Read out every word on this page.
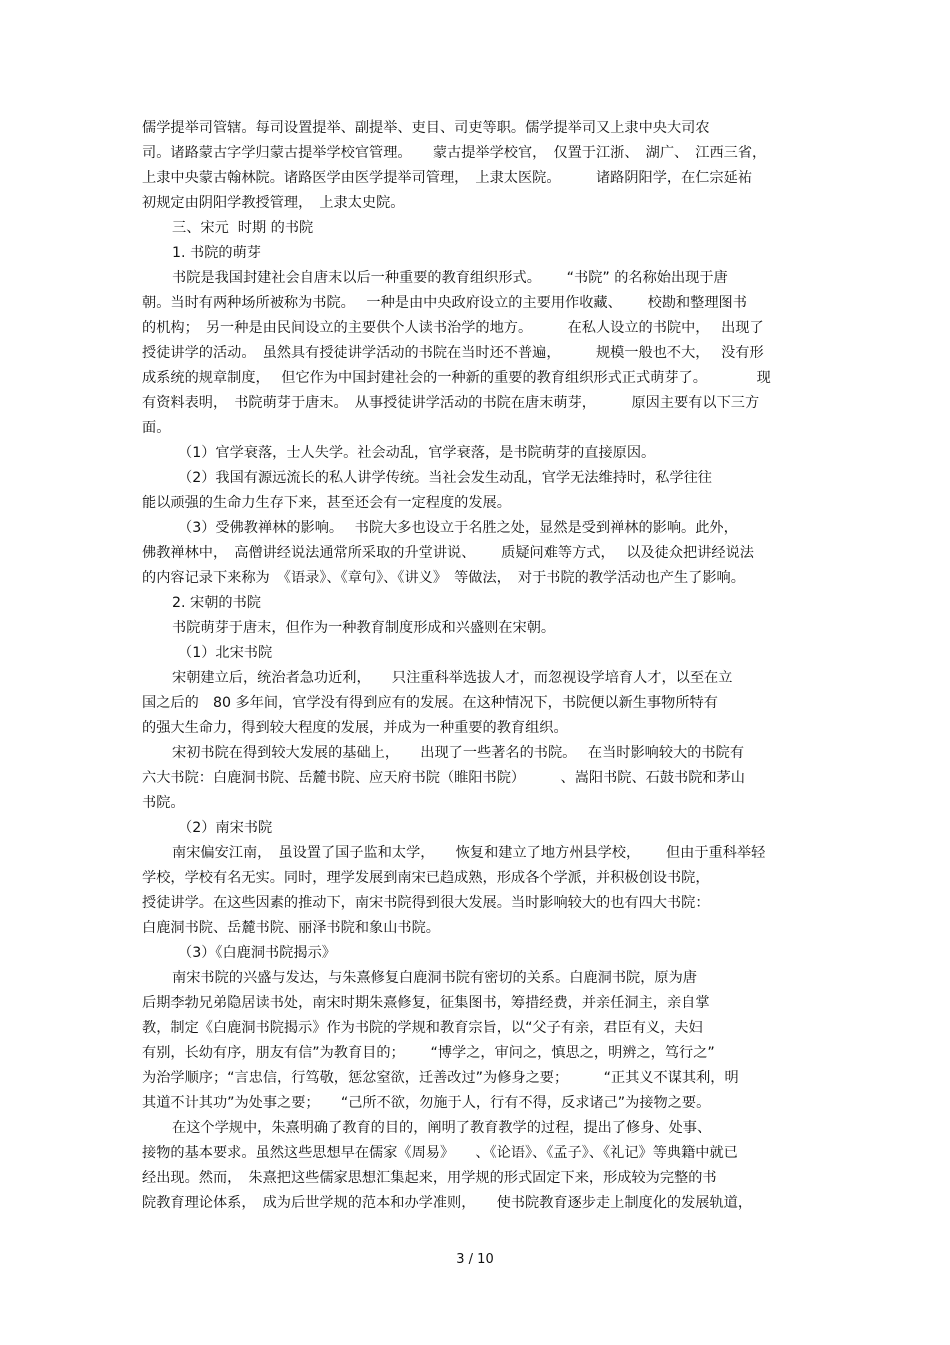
儒学提举司管辖。每司设置提举、副提举、吏目、司吏等职。儒学提举司又上隶中央大司农
司。诸路蒙古字学归蒙古提举学校官管理。　　蒙古提举学校官，　仅置于江浙、　湖广、　江西三省，
上隶中央蒙古翰林院。诸路医学由医学提举司管理，　上隶太医院。　　　诸路阴阳学，在仁宗延祐
初规定由阴阳学教授管理，　上隶太史院。
三、宋元  时期 的书院
1. 书院的萌芽
书院是我国封建社会自唐末以后一种重要的教育组织形式。　　 “书院” 的名称始出现于唐
朝。当时有两种场所被称为书院。　 一种是由中央政府设立的主要用作收藏、　　 校勘和整理图书
的机构；　另一种是由民间设立的主要供个人读书治学的地方。　　　在私人设立的书院中，　 出现了
授徒讲学的活动。　虽然具有授徒讲学活动的书院在当时还不普遍，　　　规模一般也不大，　 没有形
成系统的规章制度，　 但它作为中国封建社会的一种新的重要的教育组织形式正式萌芽了。　　　　现
有资料表明，　书院萌芽于唐末。　从事授徒讲学活动的书院在唐末萌芽，　　　原因主要有以下三方
面。
（1）官学衰落，士人失学。社会动乱，官学衰落，是书院萌芽的直接原因。
（2）我国有源远流长的私人讲学传统。当社会发生动乱，官学无法维持时，私学往往
能以顽强的生命力生存下来，甚至还会有一定程度的发展。
（3）受佛教禅林的影响。　 书院大多也设立于名胜之处，显然是受到禅林的影响。此外，
佛教禅林中，　高僧讲经说法通常所采取的升堂讲说、　　 质疑问难等方式，　 以及徒众把讲经说法
的内容记录下来称为　《语录》、《章句》、《讲义》　等做法，　对于书院的教学活动也产生了影响。
2. 宋朝的书院
书院萌芽于唐末，但作为一种教育制度形成和兴盛则在宋朝。
（1）北宋书院
宋朝建立后，统治者急功近利，　　只注重科举选拔人才，而忽视设学培育人才，以至在立
国之后的　80 多年间，官学没有得到应有的发展。在这种情况下，书院便以新生事物所特有
的强大生命力，得到较大程度的发展，并成为一种重要的教育组织。
宋初书院在得到较大发展的基础上，　　出现了一些著名的书院。　 在当时影响较大的书院有
六大书院：白鹿洞书院、岳麓书院、应天府书院（睢阳书院）　　　、嵩阳书院、石鼓书院和茅山
书院。
（2）南宋书院
南宋偏安江南，　虽设置了国子监和太学，　　恢复和建立了地方州县学校，　　 但由于重科举轻
学校，学校有名无实。同时，理学发展到南宋已趋成熟，形成各个学派，并积极创设书院，
授徒讲学。在这些因素的推动下，南宋书院得到很大发展。当时影响较大的也有四大书院：
白鹿洞书院、岳麓书院、丽泽书院和象山书院。
（3）《白鹿洞书院揭示》
南宋书院的兴盛与发达，与朱熹修复白鹿洞书院有密切的关系。白鹿洞书院，原为唐
后期李勃兄弟隐居读书处，南宋时期朱熹修复，征集图书，筹措经费，并亲任洞主，亲自掌
教，制定《白鹿洞书院揭示》作为书院的学规和教育宗旨，以“父子有亲，君臣有义，夫妇
有别，长幼有序，朋友有信”为教育目的；　　 “博学之，审问之，慎思之，明辨之，笃行之”
为治学顺序；“言忠信，行笃敬，惩忿窒欲，迁善改过”为修身之要；　　　“正其义不谋其利，明
其道不计其功”为处事之要；　　“己所不欲，勿施于人，行有不得，反求诸己”为接物之要。
在这个学规中，朱熹明确了教育的目的，阐明了教育教学的过程，提出了修身、处事、
接物的基本要求。虽然这些思想早在儒家《周易》　　、《论语》、《孟子》、《礼记》等典籍中就已
经出现。然而，　朱熹把这些儒家思想汇集起来，用学规的形式固定下来，形成较为完整的书
院教育理论体系，　成为后世学规的范本和办学准则，　　使书院教育逐步走上制度化的发展轨道，
3 / 10
